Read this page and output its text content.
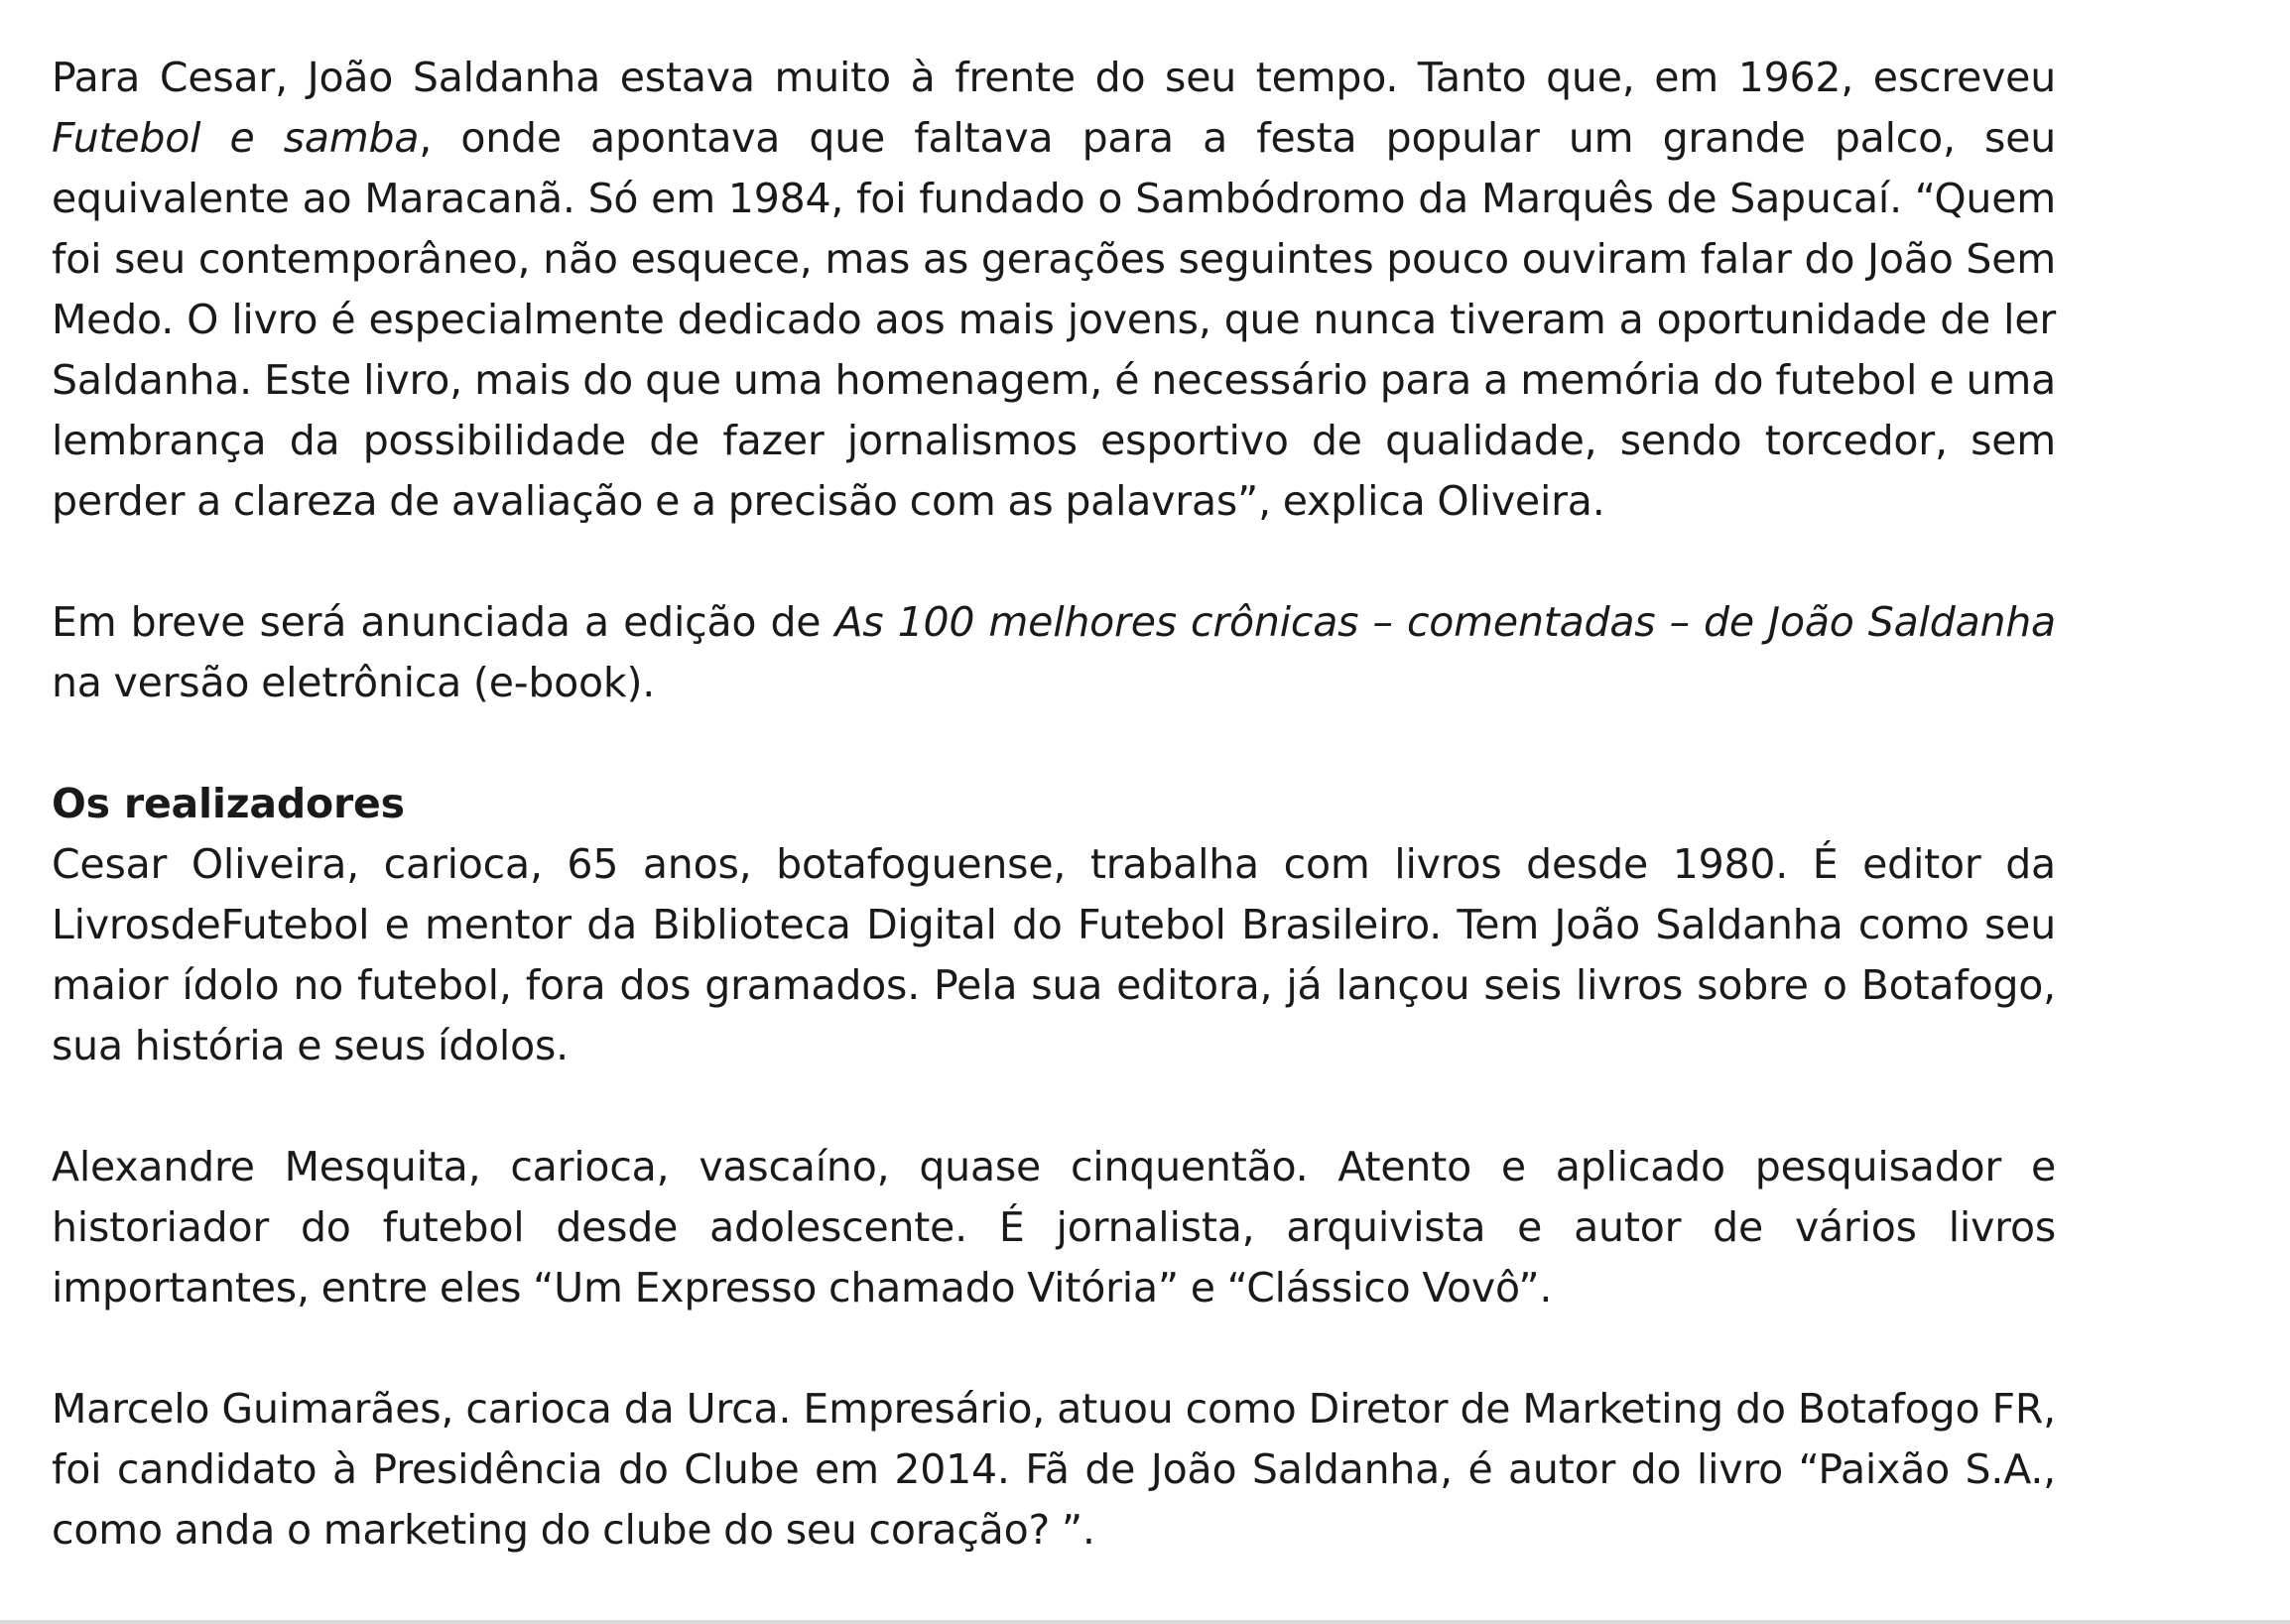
Para Cesar, João Saldanha estava muito à frente do seu tempo. Tanto que, em 1962, escreveu Futebol e samba, onde apontava que faltava para a festa popular um grande palco, seu equivalente ao Maracanã. Só em 1984, foi fundado o Sambódromo da Marquês de Sapucaí. “Quem foi seu contemporâneo, não esquece, mas as gerações seguintes pouco ouviram falar do João Sem Medo. O livro é especialmente dedicado aos mais jovens, que nunca tiveram a oportunidade de ler Saldanha. Este livro, mais do que uma homenagem, é necessário para a memória do futebol e uma lembrança da possibilidade de fazer jornalismos esportivo de qualidade, sendo torcedor, sem perder a clareza de avaliação e a precisão com as palavras”, explica Oliveira.

Em breve será anunciada a edição de As 100 melhores crônicas – comentadas – de João Saldanha na versão eletrônica (e-book).

Os realizadores

Cesar Oliveira, carioca, 65 anos, botafoguense, trabalha com livros desde 1980. É editor da LivrosdeFutebol e mentor da Biblioteca Digital do Futebol Brasileiro. Tem João Saldanha como seu maior ídolo no futebol, fora dos gramados. Pela sua editora, já lançou seis livros sobre o Botafogo, sua história e seus ídolos.

Alexandre Mesquita, carioca, vascaíno, quase cinquentão. Atento e aplicado pesquisador e historiador do futebol desde adolescente. É jornalista, arquivista e autor de vários livros importantes, entre eles “Um Expresso chamado Vitória” e “Clássico Vovô”.

Marcelo Guimarães, carioca da Urca. Empresário, atuou como Diretor de Marketing do Botafogo FR, foi candidato à Presidência do Clube em 2014. Fã de João Saldanha, é autor do livro “Paixão S.A., como anda o marketing do clube do seu coração? ”.
